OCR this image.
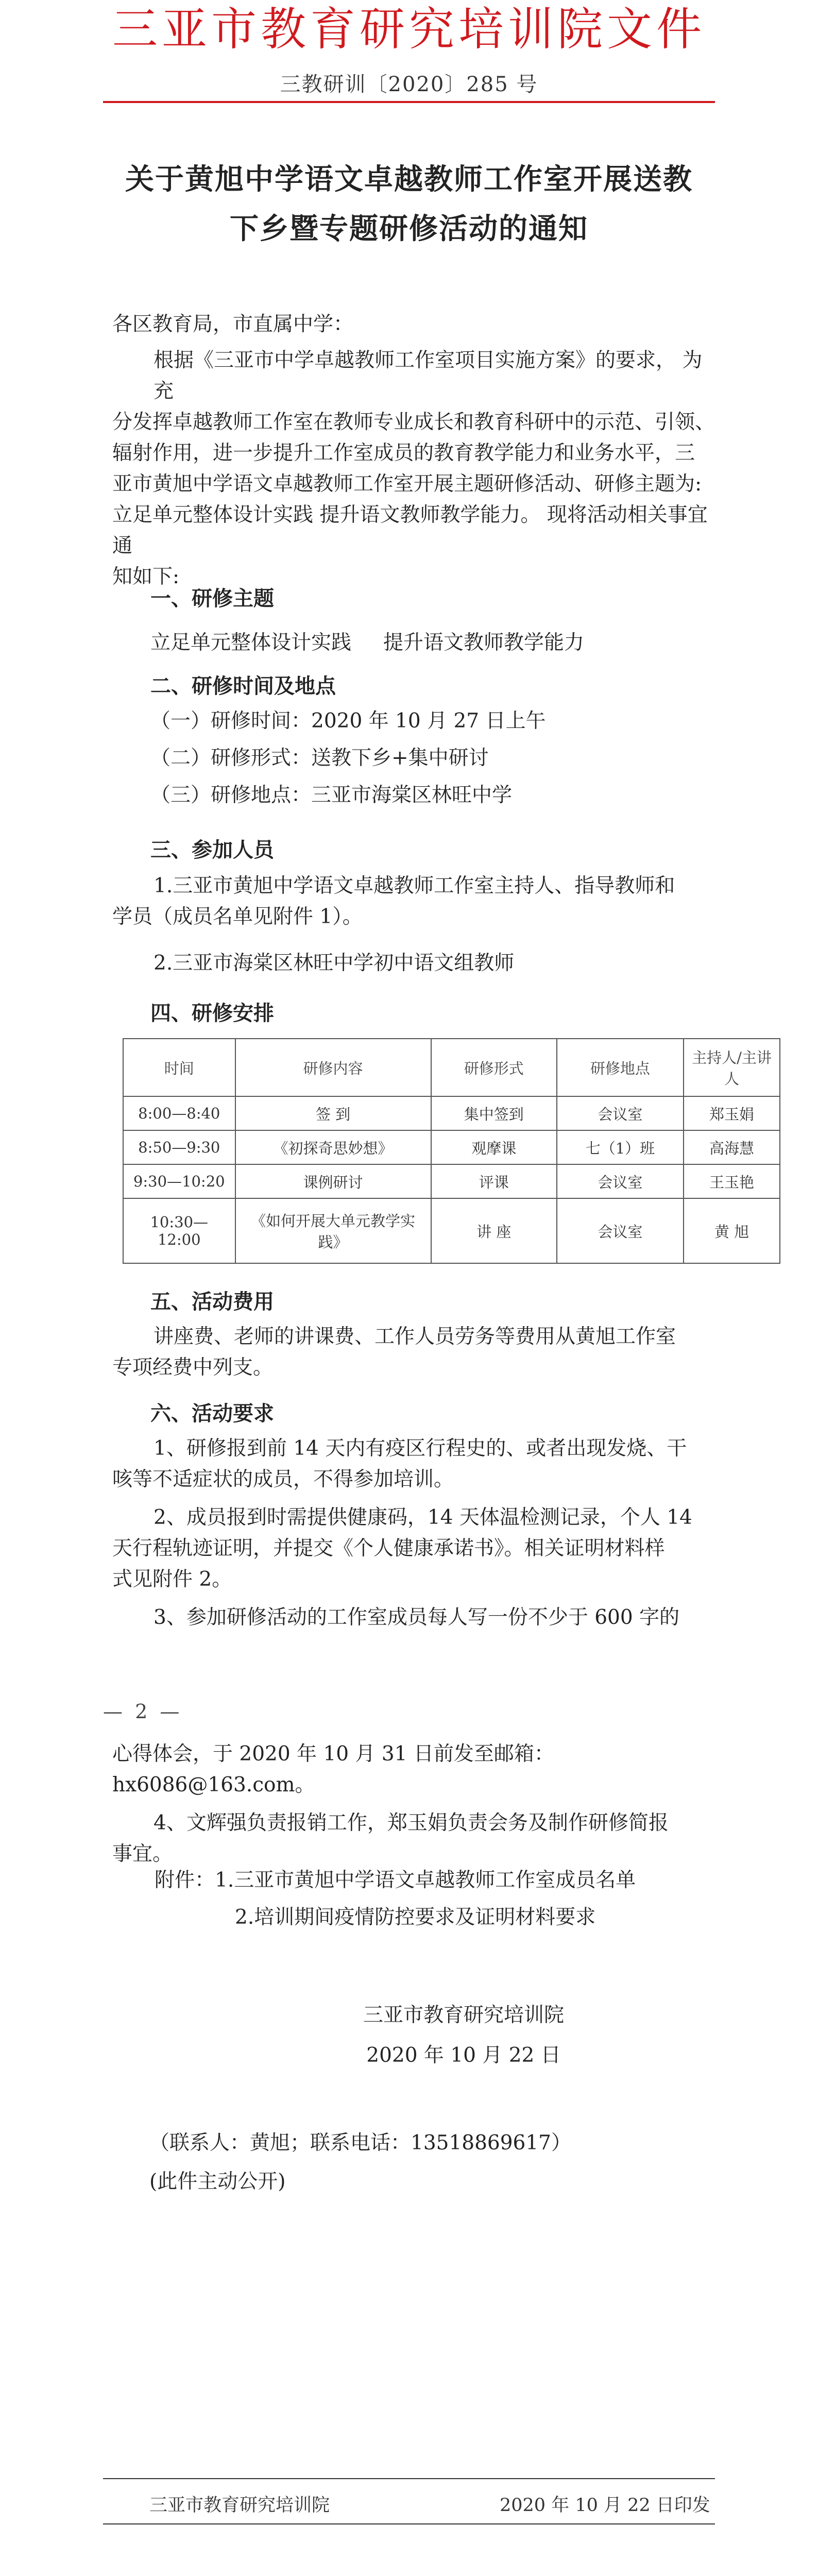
三亚市教育研究培训院文件
三教研训〔2020〕285 号
关于黄旭中学语文卓越教师工作室开展送教
下乡暨专题研修活动的通知
各区教育局，市直属中学：
根据《三亚市中学卓越教师工作室项目实施方案》的要求， 为充
分发挥卓越教师工作室在教师专业成长和教育科研中的示范、引领、
辐射作用，进一步提升工作室成员的教育教学能力和业务水平，三
亚市黄旭中学语文卓越教师工作室开展主题研修活动、研修主题为:
立足单元整体设计实践 提升语文教师教学能力。 现将活动相关事宜通
知如下:
一、研修主题
立足单元整体设计实践     提升语文教师教学能力
二、研修时间及地点
（一）研修时间：2020 年 10 月 27 日上午
（二）研修形式：送教下乡+集中研讨
（三）研修地点：三亚市海棠区林旺中学
三、参加人员
1.三亚市黄旭中学语文卓越教师工作室主持人、指导教师和
学员（成员名单见附件 1）。
2.三亚市海棠区林旺中学初中语文组教师
四、研修安排
时间	研修内容	研修形式	研修地点	主持人/主讲人
8:00—8:40	签 到	集中签到	会议室	郑玉娟
8:50—9:30	《初探奇思妙想》	观摩课	七（1）班	高海慧
9:30—10:20	课例研讨	评课	会议室	王玉艳
10:30—12:00	《如何开展大单元教学实践》	讲 座	会议室	黄 旭
五、活动费用
讲座费、老师的讲课费、工作人员劳务等费用从黄旭工作室
专项经费中列支。
六、活动要求
1、研修报到前 14 天内有疫区行程史的、或者出现发烧、干
咳等不适症状的成员，不得参加培训。
2、成员报到时需提供健康码，14 天体温检测记录，个人 14
天行程轨迹证明，并提交《个人健康承诺书》。相关证明材料样
式见附件 2。
3、参加研修活动的工作室成员每人写一份不少于 600 字的
— 2 —
心得体会，于 2020 年 10 月 31 日前发至邮箱：hx6086@163.com。
4、文辉强负责报销工作，郑玉娟负责会务及制作研修简报
事宜。
附件：1.三亚市黄旭中学语文卓越教师工作室成员名单
2.培训期间疫情防控要求及证明材料要求
三亚市教育研究培训院
2020 年 10 月 22 日
（联系人：黄旭；联系电话：13518869617）
(此件主动公开)
三亚市教育研究培训院	2020 年 10 月 22 日印发
